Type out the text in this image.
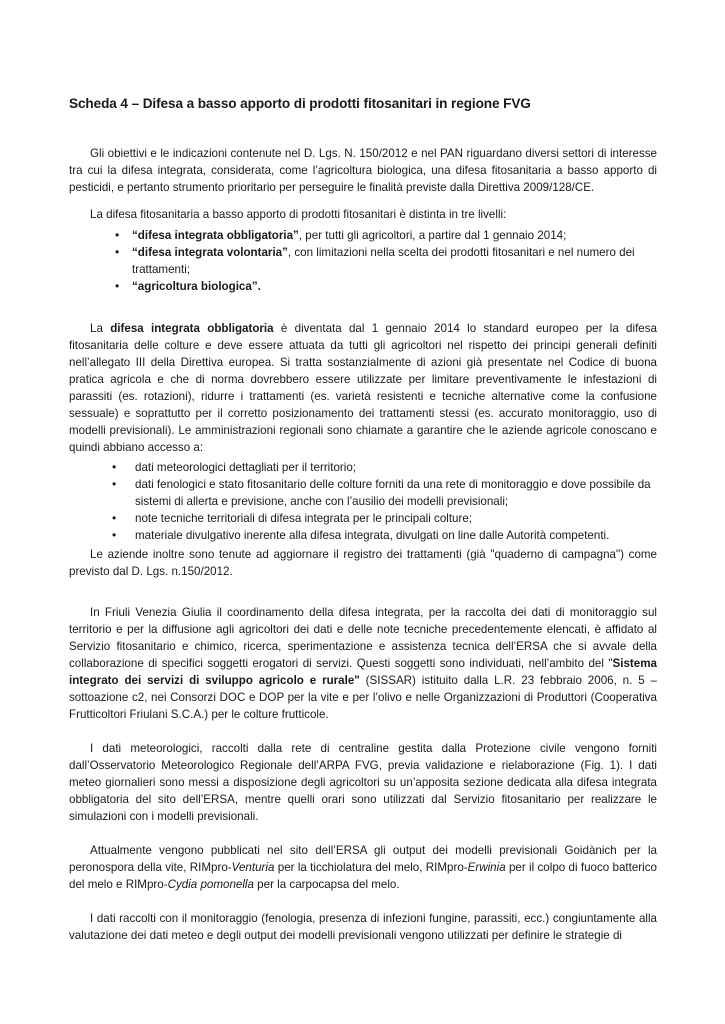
Scheda 4 – Difesa a basso apporto di prodotti fitosanitari in regione FVG

Gli obiettivi e le indicazioni contenute nel D. Lgs. N. 150/2012 e nel PAN riguardano diversi settori di interesse tra cui la difesa integrata, considerata, come l’agricoltura biologica, una difesa fitosanitaria a basso apporto di pesticidi, e pertanto strumento prioritario per perseguire le finalità previste dalla Direttiva 2009/128/CE.

La difesa fitosanitaria a basso apporto di prodotti fitosanitari è distinta in tre livelli:

• “difesa integrata obbligatoria”, per tutti gli agricoltori, a partire dal 1 gennaio 2014;
• “difesa integrata volontaria”, con limitazioni nella scelta dei prodotti fitosanitari e nel numero dei trattamenti;
• “agricoltura biologica”.

La difesa integrata obbligatoria è diventata dal 1 gennaio 2014 lo standard europeo per la difesa fitosanitaria delle colture e deve essere attuata da tutti gli agricoltori nel rispetto dei principi generali definiti nell’allegato III della Direttiva europea. Si tratta sostanzialmente di azioni già presentate nel Codice di buona pratica agricola e che di norma dovrebbero essere utilizzate per limitare preventivamente le infestazioni di parassiti (es. rotazioni), ridurre i trattamenti (es. varietà resistenti e tecniche alternative come la confusione sessuale) e soprattutto per il corretto posizionamento dei trattamenti stessi (es. accurato monitoraggio, uso di modelli previsionali). Le amministrazioni regionali sono chiamate a garantire che le aziende agricole conoscano e quindi abbiano accesso a:

• dati meteorologici dettagliati per il territorio;
• dati fenologici e stato fitosanitario delle colture forniti da una rete di monitoraggio e dove possibile da sistemi di allerta e previsione, anche con l’ausilio dei modelli previsionali;
• note tecniche territoriali di difesa integrata per le principali colture;
• materiale divulgativo inerente alla difesa integrata, divulgati on line dalle Autorità competenti.

Le aziende inoltre sono tenute ad aggiornare il registro dei trattamenti (già "quaderno di campagna") come previsto dal D. Lgs. n.150/2012.

In Friuli Venezia Giulia il coordinamento della difesa integrata, per la raccolta dei dati di monitoraggio sul territorio e per la diffusione agli agricoltori dei dati e delle note tecniche precedentemente elencati, è affidato al Servizio fitosanitario e chimico, ricerca, sperimentazione e assistenza tecnica dell’ERSA che si avvale della collaborazione di specifici soggetti erogatori di servizi. Questi soggetti sono individuati, nell’ambito del "Sistema integrato dei servizi di sviluppo agricolo e rurale" (SISSAR) istituito dalla L.R. 23 febbraio 2006, n. 5 – sottoazione c2, nei Consorzi DOC e DOP per la vite e per l’olivo e nelle Organizzazioni di Produttori (Cooperativa Frutticoltori Friulani S.C.A.) per le colture frutticole.

I dati meteorologici, raccolti dalla rete di centraline gestita dalla Protezione civile vengono forniti dall’Osservatorio Meteorologico Regionale dell’ARPA FVG, previa validazione e rielaborazione (Fig. 1). I dati meteo giornalieri sono messi a disposizione degli agricoltori su un’apposita sezione dedicata alla difesa integrata obbligatoria del sito dell’ERSA, mentre quelli orari sono utilizzati dal Servizio fitosanitario per realizzare le simulazioni con i modelli previsionali.

Attualmente vengono pubblicati nel sito dell’ERSA gli output dei modelli previsionali Goidànich per la peronospora della vite, RIMpro-Venturia per la ticchiolatura del melo, RIMpro-Erwinia per il colpo di fuoco batterico del melo e RIMpro-Cydia pomonella per la carpocapsa del melo.

I dati raccolti con il monitoraggio (fenologia, presenza di infezioni fungine, parassiti, ecc.) congiuntamente alla valutazione dei dati meteo e degli output dei modelli previsionali vengono utilizzati per definire le strategie di
